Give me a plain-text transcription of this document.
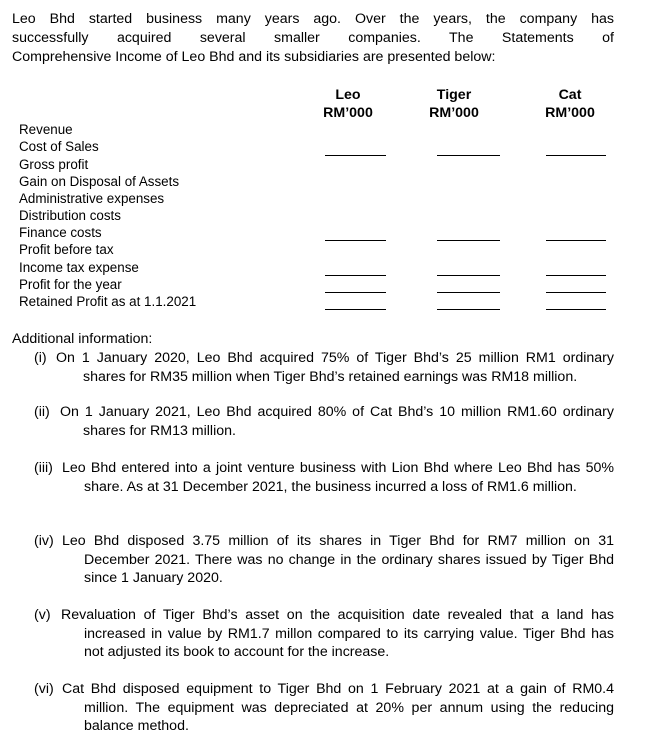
Leo Bhd started business many years ago. Over the years, the company has
successfully acquired several smaller companies. The Statements of
Comprehensive Income of Leo Bhd and its subsidiaries are presented below:
Leo
RM’000
Tiger
RM’000
Cat
RM’000
Revenue
Cost of Sales
Gross profit
Gain on Disposal of Assets
Administrative expenses
Distribution costs
Finance costs
Profit before tax
Income tax expense
Profit for the year
Retained Profit as at 1.1.2021
Additional information:
(i) On 1 January 2020, Leo Bhd acquired 75% of Tiger Bhd’s 25 million RM1 ordinary shares for RM35 million when Tiger Bhd’s retained earnings was RM18 million.
(ii) On 1 January 2021, Leo Bhd acquired 80% of Cat Bhd’s 10 million RM1.60 ordinary shares for RM13 million.
(iii) Leo Bhd entered into a joint venture business with Lion Bhd where Leo Bhd has 50% share. As at 31 December 2021, the business incurred a loss of RM1.6 million.
(iv) Leo Bhd disposed 3.75 million of its shares in Tiger Bhd for RM7 million on 31 December 2021. There was no change in the ordinary shares issued by Tiger Bhd since 1 January 2020.
(v) Revaluation of Tiger Bhd’s asset on the acquisition date revealed that a land has increased in value by RM1.7 millon compared to its carrying value. Tiger Bhd has not adjusted its book to account for the increase.
(vi) Cat Bhd disposed equipment to Tiger Bhd on 1 February 2021 at a gain of RM0.4 million. The equipment was depreciated at 20% per annum using the reducing balance method.
